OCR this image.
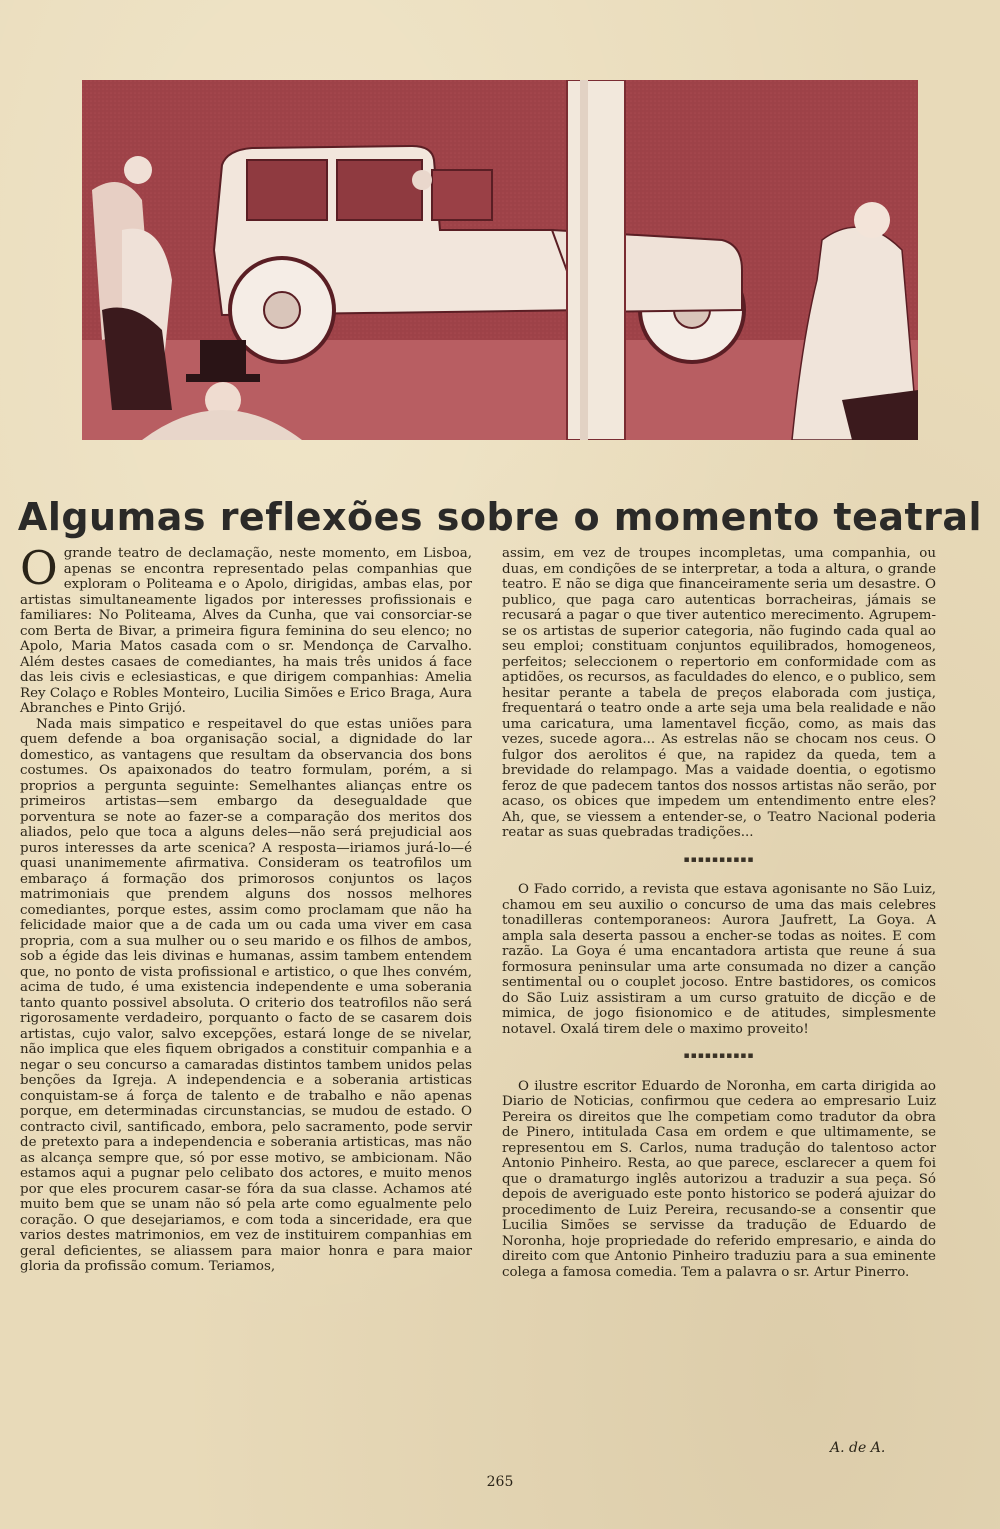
Algumas reflexões sobre o momento teatral

Ogrande teatro de declamação, neste momento, em Lisboa, apenas se encontra representado pelas companhias que exploram o Politeama e o Apolo, dirigidas, ambas elas, por artistas simultaneamente ligados por interesses profissionais e familiares: No Politeama, Alves da Cunha, que vai consorciar-se com Berta de Bivar, a primeira figura feminina do seu elenco; no Apolo, Maria Matos casada com o sr. Mendonça de Carvalho. Além destes casaes de comediantes, ha mais três unidos á face das leis civis e eclesiasticas, e que dirigem companhias: Amelia Rey Colaço e Robles Monteiro, Lucilia Simões e Erico Braga, Aura Abranches e Pinto Grijó.

Nada mais simpatico e respeitavel do que estas uniões para quem defende a boa organisação social, a dignidade do lar domestico, as vantagens que resultam da observancia dos bons costumes. Os apaixonados do teatro formulam, porém, a si proprios a pergunta seguinte: Semelhantes alianças entre os primeiros artistas—sem embargo da desegualdade que porventura se note ao fazer-se a comparação dos meritos dos aliados, pelo que toca a alguns deles—não será prejudicial aos puros interesses da arte scenica? A resposta—iriamos jurá-lo—é quasi unanimemente afirmativa. Consideram os teatrofilos um embaraço á formação dos primorosos conjuntos os laços matrimoniais que prendem alguns dos nossos melhores comediantes, porque estes, assim como proclamam que não ha felicidade maior que a de cada um ou cada uma viver em casa propria, com a sua mulher ou o seu marido e os filhos de ambos, sob a égide das leis divinas e humanas, assim tambem entendem que, no ponto de vista profissional e artistico, o que lhes convém, acima de tudo, é uma existencia independente e uma soberania tanto quanto possivel absoluta. O criterio dos teatrofilos não será rigorosamente verdadeiro, porquanto o facto de se casarem dois artistas, cujo valor, salvo excepções, estará longe de se nivelar, não implica que eles fiquem obrigados a constituir companhia e a negar o seu concurso a camaradas distintos tambem unidos pelas benções da Igreja. A independencia e a soberania artisticas conquistam-se á força de talento e de trabalho e não apenas porque, em determinadas circunstancias, se mudou de estado. O contracto civil, santificado, embora, pelo sacramento, pode servir de pretexto para a independencia e soberania artisticas, mas não as alcança sempre que, só por esse motivo, se ambicionam. Não estamos aqui a pugnar pelo celibato dos actores, e muito menos por que eles procurem casar-se fóra da sua classe. Achamos até muito bem que se unam não só pela arte como egualmente pelo coração. O que desejariamos, e com toda a sinceridade, era que varios destes matrimonios, em vez de instituirem companhias em geral deficientes, se aliassem para maior honra e para maior gloria da profissão comum. Teriamos,

assim, em vez de troupes incompletas, uma companhia, ou duas, em condições de se interpretar, a toda a altura, o grande teatro. E não se diga que financeiramente seria um desastre. O publico, que paga caro autenticas borracheiras, jámais se recusará a pagar o que tiver autentico merecimento. Agrupem-se os artistas de superior categoria, não fugindo cada qual ao seu emploi; constituam conjuntos equilibrados, homogeneos, perfeitos; seleccionem o repertorio em conformidade com as aptidões, os recursos, as faculdades do elenco, e o publico, sem hesitar perante a tabela de preços elaborada com justiça, frequentará o teatro onde a arte seja uma bela realidade e não uma caricatura, uma lamentavel ficção, como, as mais das vezes, sucede agora... As estrelas não se chocam nos ceus. O fulgor dos aerolitos é que, na rapidez da queda, tem a brevidade do relampago. Mas a vaidade doentia, o egotismo feroz de que padecem tantos dos nossos artistas não serão, por acaso, os obices que impedem um entendimento entre eles? Ah, que, se viessem a entender-se, o Teatro Nacional poderia reatar as suas quebradas tradições...

▪▪▪▪▪▪▪▪▪▪

O Fado corrido, a revista que estava agonisante no São Luiz, chamou em seu auxilio o concurso de uma das mais celebres tonadilleras contemporaneos: Aurora Jaufrett, La Goya. A ampla sala deserta passou a encher-se todas as noites. E com razão. La Goya é uma encantadora artista que reune á sua formosura peninsular uma arte consumada no dizer a canção sentimental ou o couplet jocoso. Entre bastidores, os comicos do São Luiz assistiram a um curso gratuito de dicção e de mimica, de jogo fisionomico e de atitudes, simplesmente notavel. Oxalá tirem dele o maximo proveito!

▪▪▪▪▪▪▪▪▪▪

O ilustre escritor Eduardo de Noronha, em carta dirigida ao Diario de Noticias, confirmou que cedera ao empresario Luiz Pereira os direitos que lhe competiam como tradutor da obra de Pinero, intitulada Casa em ordem e que ultimamente, se representou em S. Carlos, numa tradução do talentoso actor Antonio Pinheiro. Resta, ao que parece, esclarecer a quem foi que o dramaturgo inglês autorizou a traduzir a sua peça. Só depois de averiguado este ponto historico se poderá ajuizar do procedimento de Luiz Pereira, recusando-se a consentir que Lucilia Simões se servisse da tradução de Eduardo de Noronha, hoje propriedade do referido empresario, e ainda do direito com que Antonio Pinheiro traduziu para a sua eminente colega a famosa comedia. Tem a palavra o sr. Artur Pinerro.

A. de A.
265
